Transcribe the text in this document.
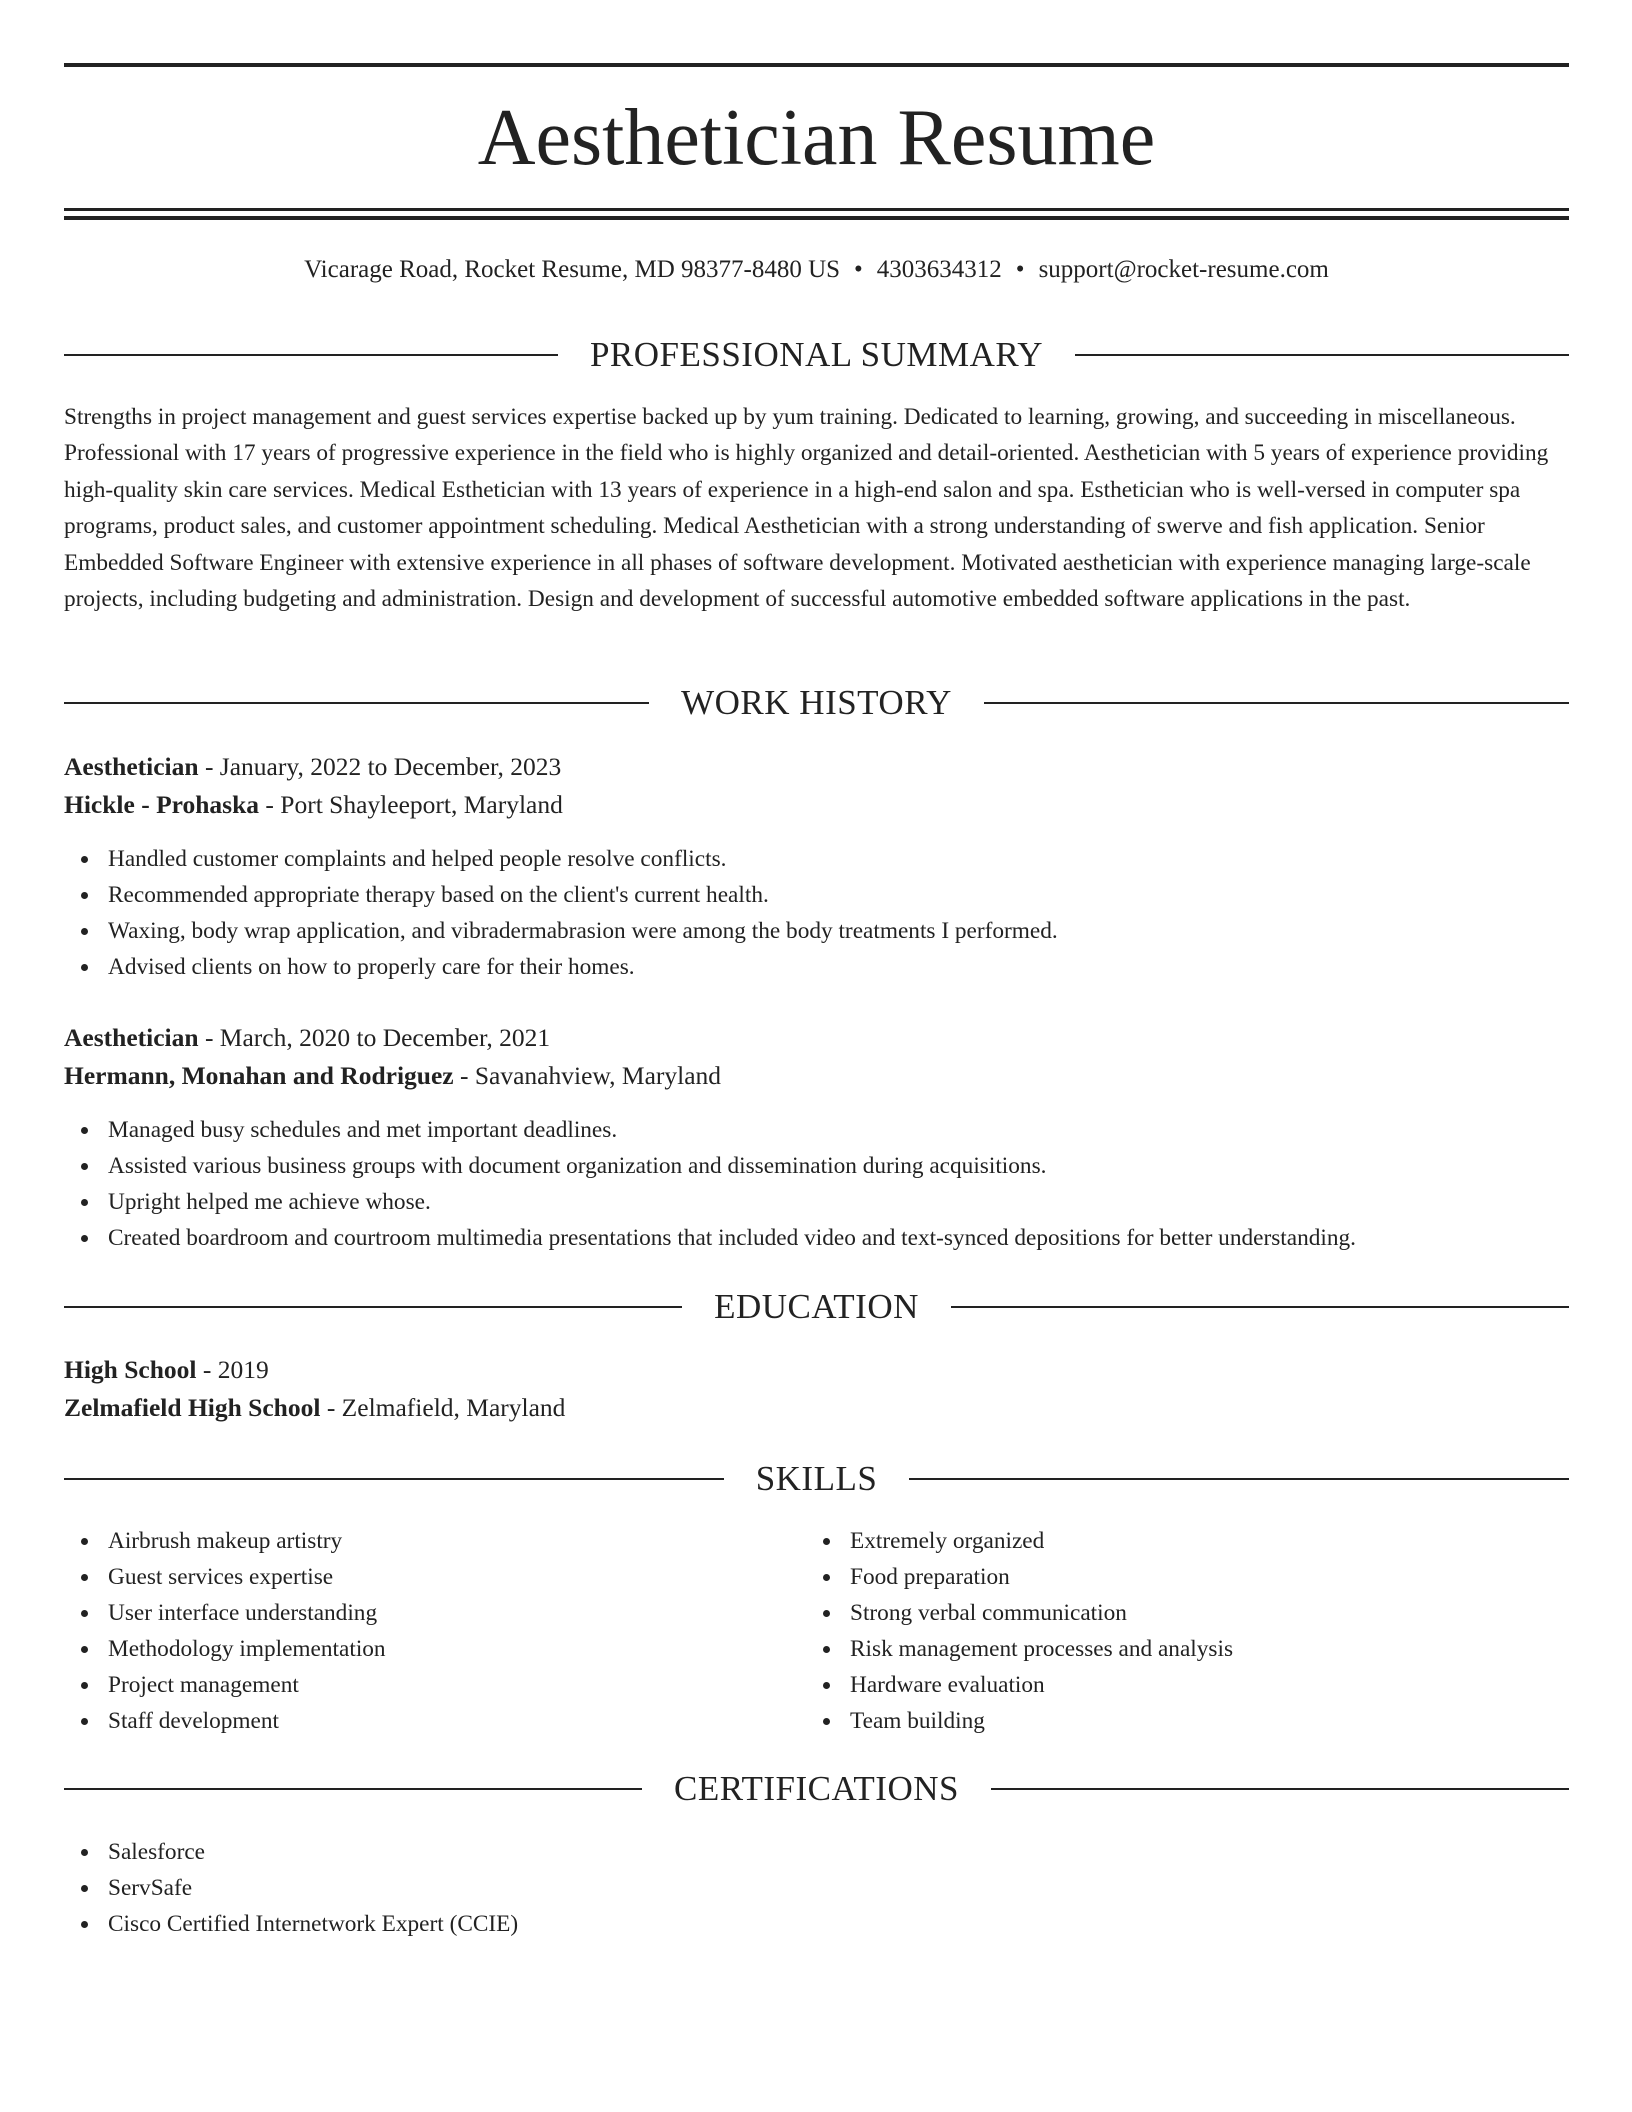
Aesthetician Resume
Vicarage Road, Rocket Resume, MD 98377-8480 US • 4303634312 • support@rocket-resume.com
PROFESSIONAL SUMMARY

Strengths in project management and guest services expertise backed up by yum training. Dedicated to learning, growing, and succeeding in miscellaneous. Professional with 17 years of progressive experience in the field who is highly organized and detail-oriented. Aesthetician with 5 years of experience providing high-quality skin care services. Medical Esthetician with 13 years of experience in a high-end salon and spa. Esthetician who is well-versed in computer spa programs, product sales, and customer appointment scheduling. Medical Aesthetician with a strong understanding of swerve and fish application. Senior Embedded Software Engineer with extensive experience in all phases of software development. Motivated aesthetician with experience managing large-scale projects, including budgeting and administration. Design and development of successful automotive embedded software applications in the past.

WORK HISTORY
Aesthetician - January, 2022 to December, 2023
Hickle - Prohaska - Port Shayleeport, Maryland
Handled customer complaints and helped people resolve conflicts.
Recommended appropriate therapy based on the client's current health.
Waxing, body wrap application, and vibradermabrasion were among the body treatments I performed.
Advised clients on how to properly care for their homes.
Aesthetician - March, 2020 to December, 2021
Hermann, Monahan and Rodriguez - Savanahview, Maryland
Managed busy schedules and met important deadlines.
Assisted various business groups with document organization and dissemination during acquisitions.
Upright helped me achieve whose.
Created boardroom and courtroom multimedia presentations that included video and text-synced depositions for better understanding.
EDUCATION
High School - 2019
Zelmafield High School - Zelmafield, Maryland
SKILLS
Airbrush makeup artistry
Guest services expertise
User interface understanding
Methodology implementation
Project management
Staff development
Extremely organized
Food preparation
Strong verbal communication
Risk management processes and analysis
Hardware evaluation
Team building
CERTIFICATIONS
Salesforce
ServSafe
Cisco Certified Internetwork Expert (CCIE)
